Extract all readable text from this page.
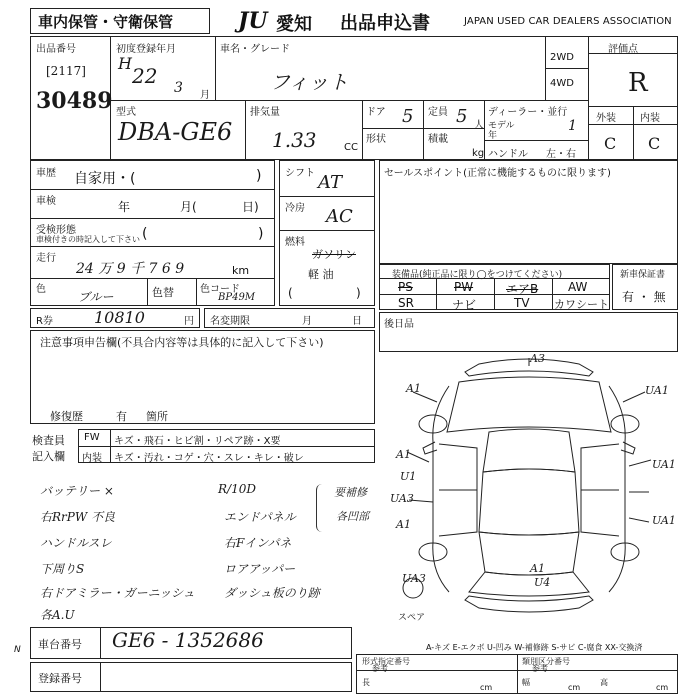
車内保管・守衛保管	JU 愛知 出品申込書	JAPAN USED CAR DEALERS ASSOCIATION
出品番号
[2117]
30489
初度登録年月
H
22 3 月
車名・グレード
フィット
2WD
4WD
評価点
R
外装 内装
C C
型式
DBA-GE6
排気量
1.33	CC
ドア 5 定員 5 人
形状	積載
kg
ディーラー・並行
モデル
年
1
ハンドル 左・右
車歴 自家用・(	)
車検	年	月(	日)
受検形態
車検付きの時記入して下さい (	)
走行
24 万 9 千 7 6 9	km
色
ブルー	色替	色コード
BP49M
シフト AT
冷房 AC
燃料
ガソリン
軽 油
(	)
セールスポイント(正常に機能するものに限ります)
装備品(純正品に限り◯をつけてください)
PS	PW	エアB AW
SR	ナビ	TV カワシート
新車保証書
有 ・ 無
R券	10810	円 名変期限	月	日 後日品
注意事項申告欄(不具合内容等は具体的に記入して下さい)
修復歴	有 箇所
検査員
記入欄
FW キズ・飛石・ヒビ割・リペア跡・X要
内装 キズ・汚れ・コゲ・穴・スレ・キレ・破レ
バッテリー ×
右RrPW 不良
ハンドルスレ
下周りS
右ドアミラー・ガーニッシュ
各A.U
R/10D
エンドパネル
右Fインパネ
ロアアッパー
ダッシュ板のり跡
要補修
各凹部
A3
A1
A1
U1
UA1
UA1
UA3
A1	UA1
UA3
A1
U4
スペア
A-キズ E-エクボ U-凹み W-補修跡 S-サビ C-腐食 XX-交換済
車台番号 GE6 - 1352686
登録番号
N
形式指定番号
参考
類別区分番号
参考
長
cm
幅
cm
高
cm
